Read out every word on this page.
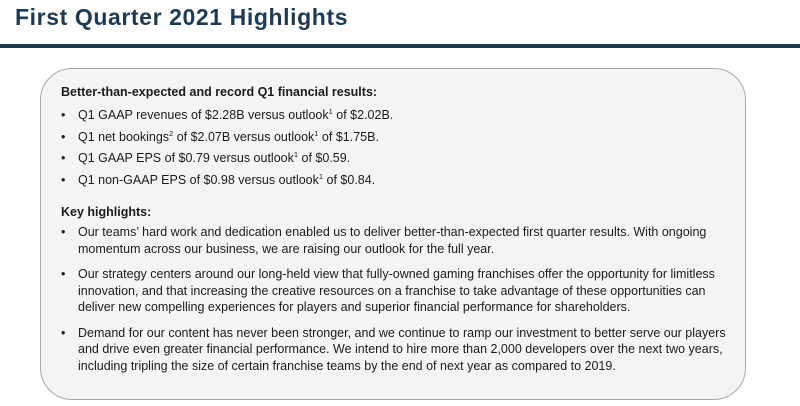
First Quarter 2021 Highlights
Better-than-expected and record Q1 financial results:
• Q1 GAAP revenues of $2.28B versus outlook$^1$ of $2.02B.
• Q1 net bookings$^2$ of $2.07B versus outlook$^1$ of $1.75B.
• Q1 GAAP EPS of $0.79 versus outlook$^1$ of $0.59.
• Q1 non-GAAP EPS of $0.98 versus outlook$^1$ of $0.84.
Key highlights:
• Our teams’ hard work and dedication enabled us to deliver better-than-expected first quarter results. With ongoing momentum across our business, we are raising our outlook for the full year.
• Our strategy centers around our long-held view that fully-owned gaming franchises offer the opportunity for limitless innovation, and that increasing the creative resources on a franchise to take advantage of these opportunities can deliver new compelling experiences for players and superior financial performance for shareholders.
• Demand for our content has never been stronger, and we continue to ramp our investment to better serve our players and drive even greater financial performance. We intend to hire more than 2,000 developers over the next two years, including tripling the size of certain franchise teams by the end of next year as compared to 2019.
